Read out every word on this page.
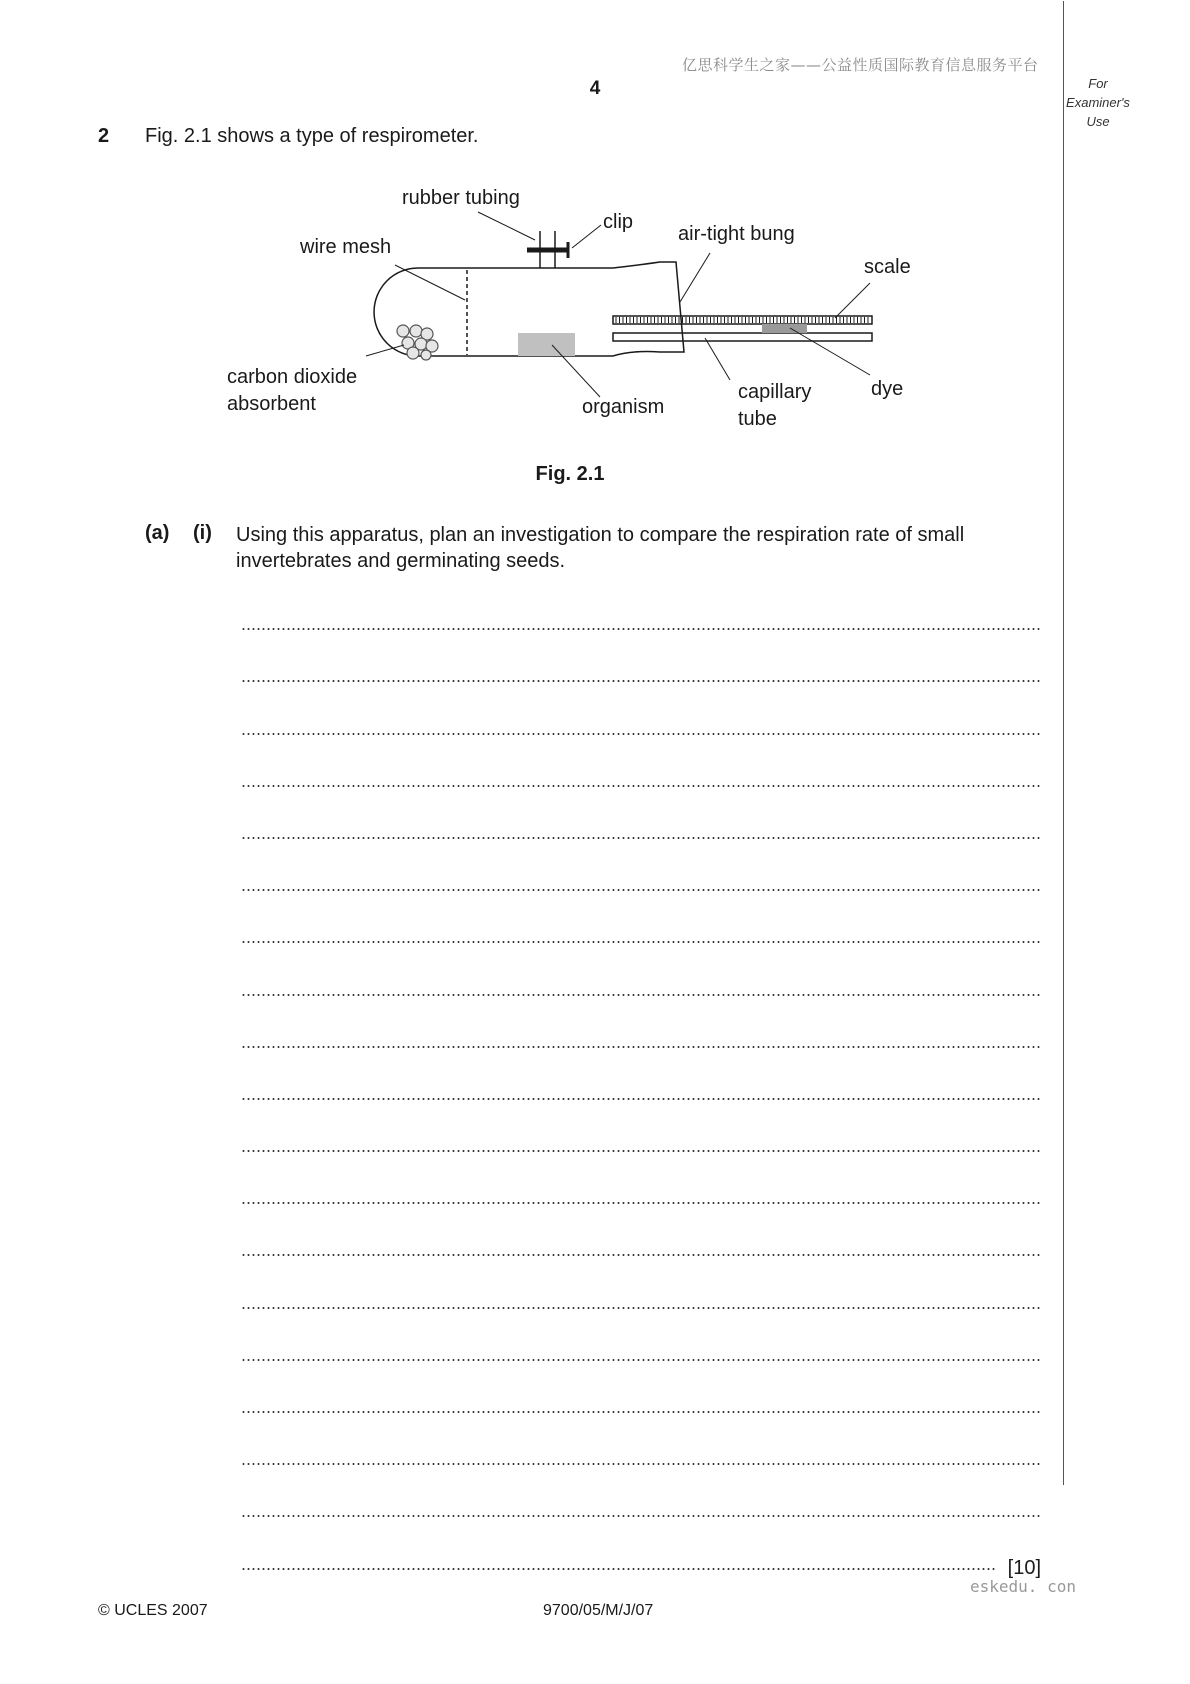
亿思科学生之家——公益性质国际教育信息服务平台
4	For
Examiner's
Use
2 Fig. 2.1 shows a type of respirometer.
rubber tubing
clip
air-tight bung
wire mesh
scale
carbon dioxide
absorbent	organism
capillary
tube
dye
Fig. 2.1
(a) (i) Using this apparatus, plan an investigation to compare the respiration rate of small invertebrates and germinating seeds.
[10]
eskedu. con
© UCLES 2007	9700/05/M/J/07
